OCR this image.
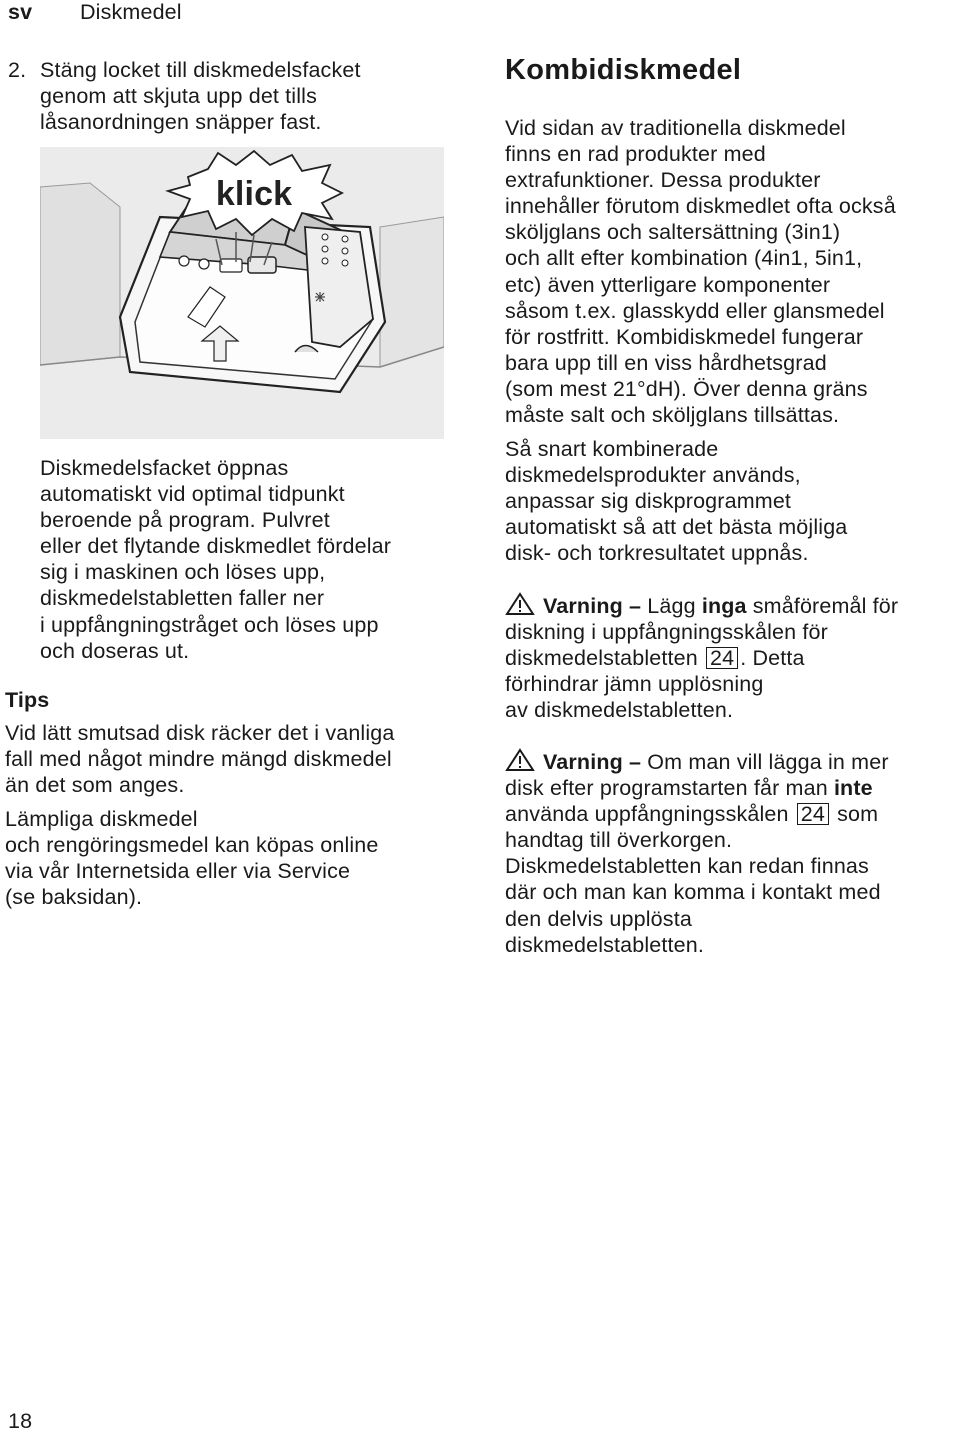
sv Diskmedel
2. Stäng locket till diskmedelsfacket
genom att skjuta upp det tills
låsanordningen snäpper fast.
klick
Diskmedelsfacket öppnas
automatiskt vid optimal tidpunkt
beroende på program. Pulvret
eller det flytande diskmedlet fördelar
sig i maskinen och löses upp,
diskmedelstabletten faller ner
i uppfångningstråget och löses upp
och doseras ut.
Tips
Vid lätt smutsad disk räcker det i vanliga
fall med något mindre mängd diskmedel
än det som anges.
Lämpliga diskmedel
och rengöringsmedel kan köpas online
via vår Internetsida eller via Service
(se baksidan).
Kombidiskmedel
Vid sidan av traditionella diskmedel
finns en rad produkter med
extrafunktioner. Dessa produkter
innehåller förutom diskmedlet ofta också
sköljglans och saltersättning (3in1)
och allt efter kombination (4in1, 5in1,
etc) även ytterligare komponenter
såsom t.ex. glasskydd eller glansmedel
för rostfritt. Kombidiskmedel fungerar
bara upp till en viss hårdhetsgrad
(som mest 21°dH). Över denna gräns
måste salt och sköljglans tillsättas.
Så snart kombinerade
diskmedelsprodukter används,
anpassar sig diskprogrammet
automatiskt så att det bästa möjliga
disk- och torkresultatet uppnås.
Varning – Lägg inga småföremål för
diskning i uppfångningsskålen för
diskmedelstabletten 24 . Detta
förhindrar jämn upplösning
av diskmedelstabletten.
Varning – Om man vill lägga in mer
disk efter programstarten får man inte
använda uppfångningsskålen 24 som
handtag till överkorgen.
Diskmedelstabletten kan redan finnas
där och man kan komma i kontakt med
den delvis upplösta
diskmedelstabletten.
18
